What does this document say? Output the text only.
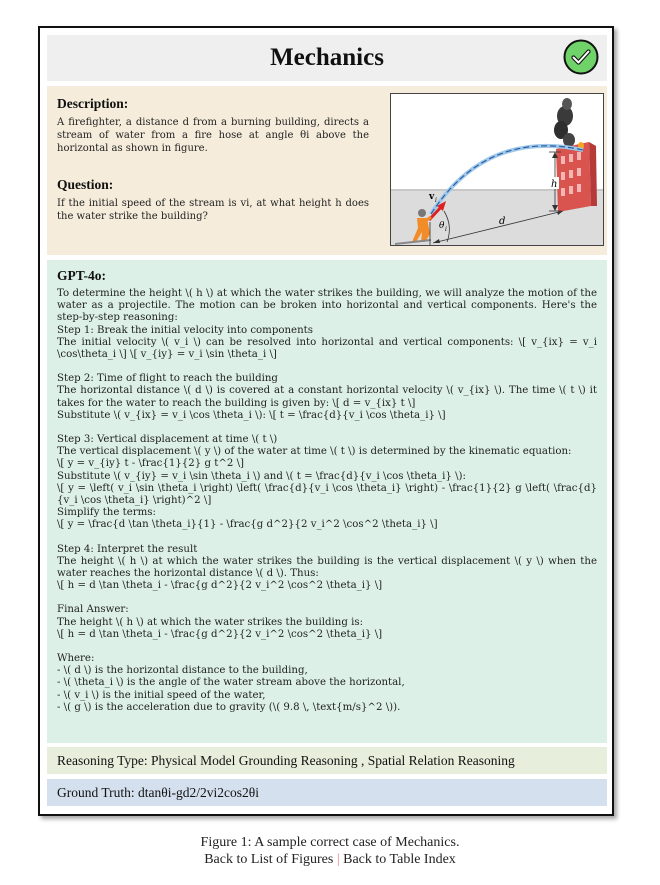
Mechanics
Description:
A firefighter, a distance d from a burning building, directs a stream of water from a fire hose at angle θi above the horizontal as shown in figure.
Question:
If the initial speed of the stream is vi, at what height h does the water strike the building?
v i
θ i
d
h
GPT-4o:

To determine the height \( h \) at which the water strikes the building, we will analyze the motion of the water as a projectile. The motion can be broken into horizontal and vertical components. Here's the step-by-step reasoning:

Step 1: Break the initial velocity into components

The initial velocity \( v_i \) can be resolved into horizontal and vertical components: \[ v_{ix} = v_i \cos\theta_i \] \[ v_{iy} = v_i \sin \theta_i \]

Step 2: Time of flight to reach the building

The horizontal distance \( d \) is covered at a constant horizontal velocity \( v_{ix} \). The time \( t \) it takes for the water to reach the building is given by: \[ d = v_{ix} t \]

Substitute \( v_{ix} = v_i \cos \theta_i \): \[ t = \frac{d}{v_i \cos \theta_i} \]

Step 3: Vertical displacement at time \( t \)

The vertical displacement \( y \) of the water at time \( t \) is determined by the kinematic equation:

\[ y = v_{iy} t - \frac{1}{2} g t^2 \]

Substitute \( v_{iy} = v_i \sin \theta_i \) and \( t = \frac{d}{v_i \cos \theta_i} \):

\[ y = \left( v_i \sin \theta_i \right) \left( \frac{d}{v_i \cos \theta_i} \right) - \frac{1}{2} g \left( \frac{d}{v_i \cos \theta_i} \right)^2 \]

Simplify the terms:

\[ y = \frac{d \tan \theta_i}{1} - \frac{g d^2}{2 v_i^2 \cos^2 \theta_i} \]

Step 4: Interpret the result

The height \( h \) at which the water strikes the building is the vertical displacement \( y \) when the water reaches the horizontal distance \( d \). Thus:

\[ h = d \tan \theta_i - \frac{g d^2}{2 v_i^2 \cos^2 \theta_i} \]

Final Answer:

The height \( h \) at which the water strikes the building is:

\[ h = d \tan \theta_i - \frac{g d^2}{2 v_i^2 \cos^2 \theta_i} \]

Where:

- \( d \) is the horizontal distance to the building,

- \( \theta_i \) is the angle of the water stream above the horizontal,

- \( v_i \) is the initial speed of the water,

- \( g \) is the acceleration due to gravity (\( 9.8 \, \text{m/s}^2 \)).

Reasoning Type: Physical Model Grounding Reasoning , Spatial Relation Reasoning
Ground Truth: dtanθi-gd2/2vi2cos2θi
Figure 1: A sample correct case of Mechanics.
Back to List of Figures | Back to Table Index
